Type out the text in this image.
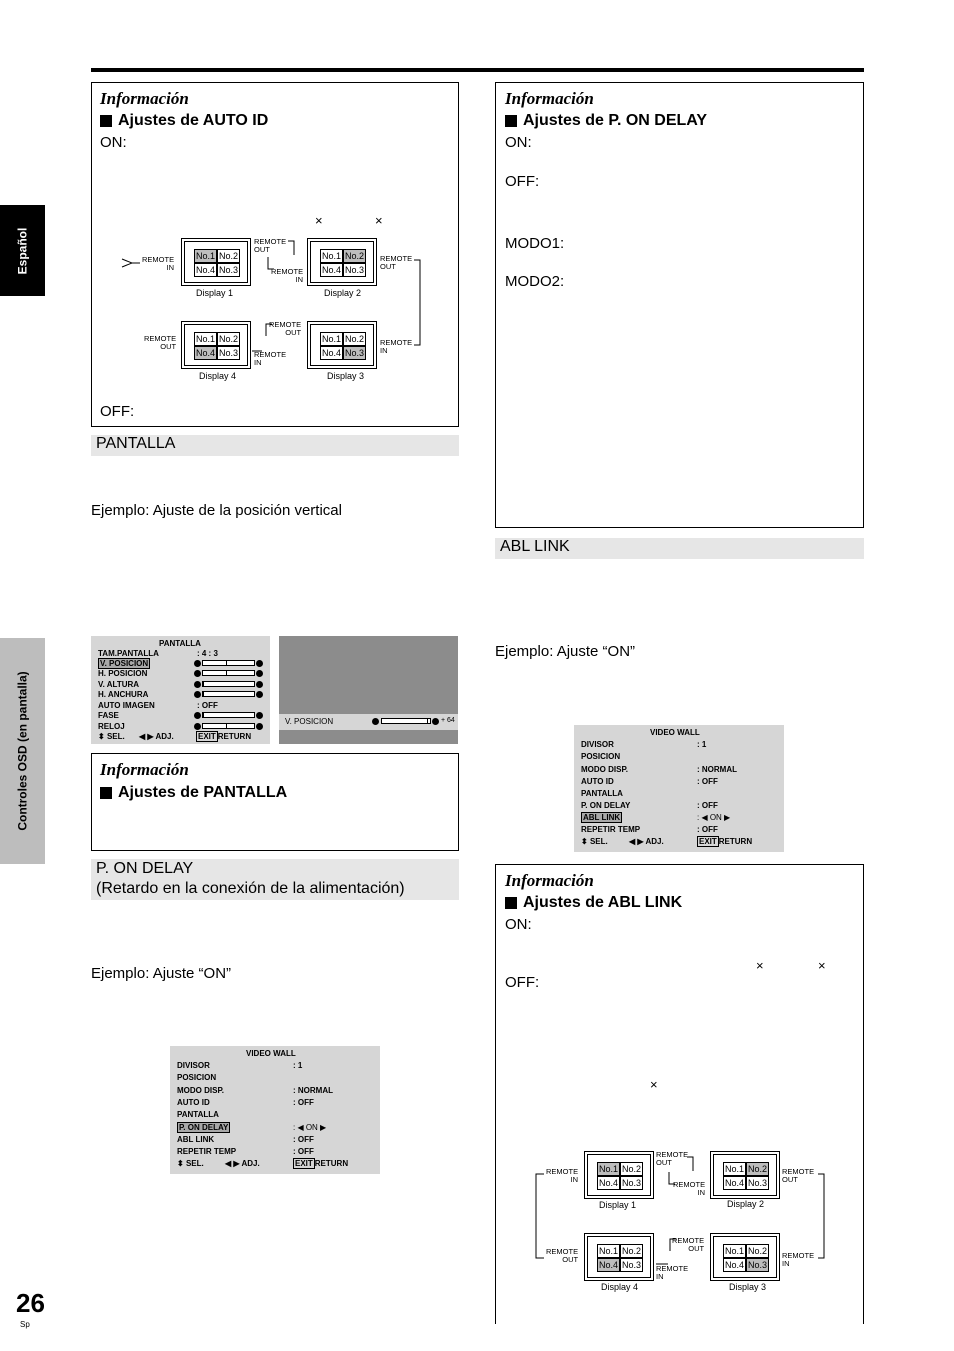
Español
Controles OSD (en pantalla)
Información
Ajustes de AUTO ID
ON:
×	×
OFF:
REMOTE
IN
REMOTE
OUT
REMOTE
IN
REMOTE
OUT
REMOTE
OUT
REMOTE
OUT
REMOTE
IN
REMOTE
IN
No.1 No.2
No.4 No.3
Display 1
No.1 No.2
No.4 No.3
Display 2
No.1 No.2
No.4 No.3
Display 4
No.1 No.2
No.4 No.3
Display 3
PANTALLA
Ejemplo: Ajuste de la posición vertical
PANTALLA
TAM.PANTALLA	: 4 : 3
V. POSICION
H. POSICION
V. ALTURA
H. ANCHURA
AUTO IMAGEN	: OFF
FASE
RELOJ
⬍ SEL. ◀ ▶ ADJ.	EXIT RETURN
V. POSICION	+ 64
Información
Ajustes de PANTALLA
P. ON DELAY
(Retardo en la conexión de la alimentación)
Ejemplo: Ajuste “ON”
VIDEO WALL
DIVISOR	: 1
POSICION
MODO DISP.	: NORMAL
AUTO ID	: OFF
PANTALLA
P. ON DELAY	: ◀ ON ▶
ABL LINK	: OFF
REPETIR TEMP	: OFF
⬍ SEL.	◀ ▶ ADJ.	EXIT RETURN
Información
Ajustes de P. ON DELAY
ON:
OFF:
MODO1:
MODO2:
ABL LINK
Ejemplo: Ajuste “ON”
VIDEO WALL
DIVISOR	: 1
POSICION
MODO DISP.	: NORMAL
AUTO ID	: OFF
PANTALLA
P. ON DELAY	: OFF
ABL LINK	: ◀ ON ▶
REPETIR TEMP	: OFF
⬍ SEL.	◀ ▶ ADJ.	EXIT RETURN
Información
Ajustes de ABL LINK
ON:
×	×
OFF:
×
REMOTE
IN
REMOTE
OUT
REMOTE
IN
REMOTE
OUT
REMOTE
OUT
REMOTE
OUT
REMOTE
IN
REMOTE
IN
No.1 No.2
No.4 No.3
Display 1
No.1 No.2
No.4 No.3
Display 2
No.1 No.2
No.4 No.3
Display 4
No.1 No.2
No.4 No.3
Display 3
26
Sp
